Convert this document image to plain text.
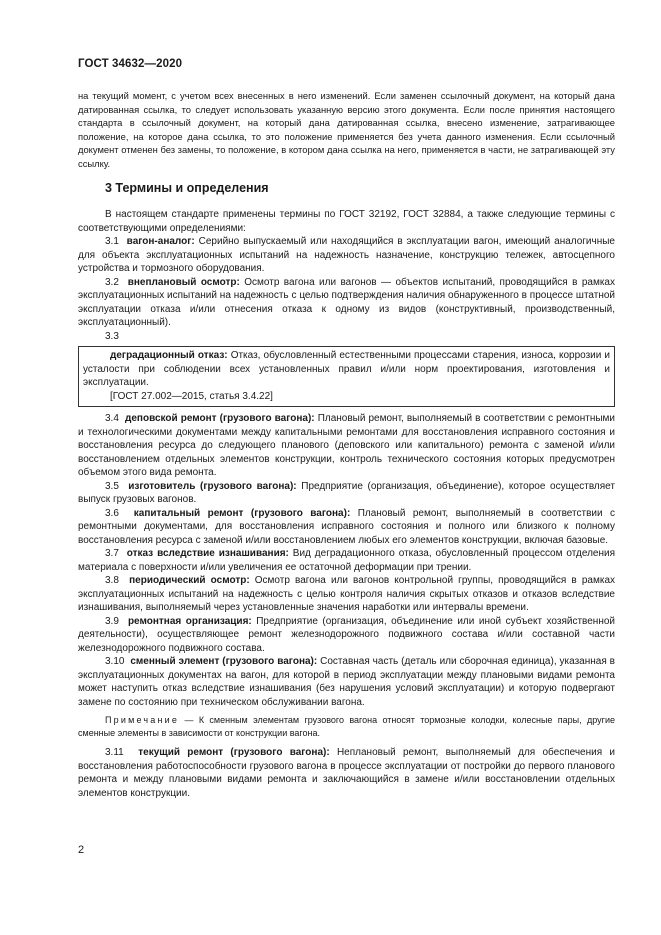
ГОСТ 34632—2020

на текущий момент, с учетом всех внесенных в него изменений. Если заменен ссылочный документ, на который дана датированная ссылка, то следует использовать указанную версию этого документа. Если после принятия настоящего стандарта в ссылочный документ, на который дана датированная ссылка, внесено изменение, затрагивающее положение, на которое дана ссылка, то это положение применяется без учета данного изменения. Если ссылочный документ отменен без замены, то положение, в котором дана ссылка на него, применяется в части, не затрагивающей эту ссылку.

3 Термины и определения

В настоящем стандарте применены термины по ГОСТ 32192, ГОСТ 32884, а также следующие термины с соответствующими определениями:

3.1 вагон-аналог: Серийно выпускаемый или находящийся в эксплуатации вагон, имеющий аналогичные для объекта эксплуатационных испытаний на надежность назначение, конструкцию тележек, автосцепного устройства и тормозного оборудования.

3.2 внеплановый осмотр: Осмотр вагона или вагонов — объектов испытаний, проводящийся в рамках эксплуатационных испытаний на надежность с целью подтверждения наличия обнаруженного в процессе штатной эксплуатации отказа и/или отнесения отказа к одному из видов (конструктивный, производственный, эксплуатационный).

3.3

деградационный отказ: Отказ, обусловленный естественными процессами старения, износа, коррозии и усталости при соблюдении всех установленных правил и/или норм проектирования, изготовления и эксплуатации.

[ГОСТ 27.002—2015, статья 3.4.22]

3.4 деповской ремонт (грузового вагона): Плановый ремонт, выполняемый в соответствии с ремонтными и технологическими документами между капитальными ремонтами для восстановления исправного состояния и восстановления ресурса до следующего планового (деповского или капитального) ремонта с заменой и/или восстановлением отдельных элементов конструкции, контроль технического состояния которых предусмотрен объемом этого вида ремонта.

3.5 изготовитель (грузового вагона): Предприятие (организация, объединение), которое осуществляет выпуск грузовых вагонов.

3.6 капитальный ремонт (грузового вагона): Плановый ремонт, выполняемый в соответствии с ремонтными документами, для восстановления исправного состояния и полного или близкого к полному восстановления ресурса с заменой и/или восстановлением любых его элементов конструкции, включая базовые.

3.7 отказ вследствие изнашивания: Вид деградационного отказа, обусловленный процессом отделения материала с поверхности и/или увеличения ее остаточной деформации при трении.

3.8 периодический осмотр: Осмотр вагона или вагонов контрольной группы, проводящийся в рамках эксплуатационных испытаний на надежность с целью контроля наличия скрытых отказов и отказов вследствие изнашивания, выполняемый через установленные значения наработки или интервалы времени.

3.9 ремонтная организация: Предприятие (организация, объединение или иной субъект хозяйственной деятельности), осуществляющее ремонт железнодорожного подвижного состава и/или составной части железнодорожного подвижного состава.

3.10 сменный элемент (грузового вагона): Составная часть (деталь или сборочная единица), указанная в эксплуатационных документах на вагон, для которой в период эксплуатации между плановыми видами ремонта может наступить отказ вследствие изнашивания (без нарушения условий эксплуатации) и которую подвергают замене по состоянию при техническом обслуживании вагона.

Примечание — К сменным элементам грузового вагона относят тормозные колодки, колесные пары, другие сменные элементы в зависимости от конструкции вагона.

3.11 текущий ремонт (грузового вагона): Неплановый ремонт, выполняемый для обеспечения и восстановления работоспособности грузового вагона в процессе эксплуатации от постройки до первого планового ремонта и между плановыми видами ремонта и заключающийся в замене и/или восстановлении отдельных элементов конструкции.

2
